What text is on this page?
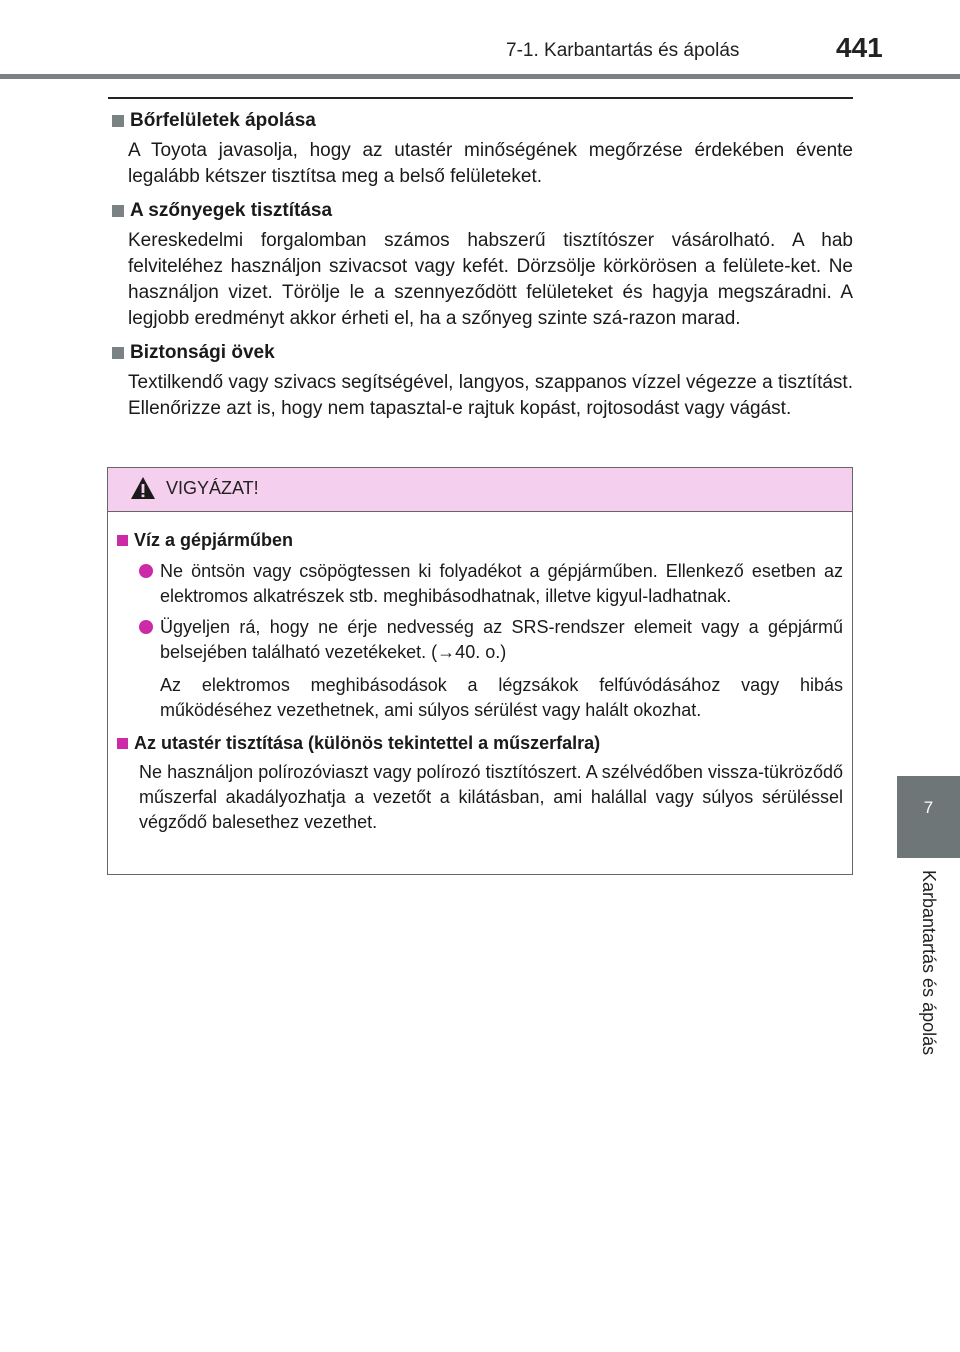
7-1. Karbantartás és ápolás	441
7
Karbantartás és ápolás
Bőrfelületek ápolása
A Toyota javasolja, hogy az utastér minőségének megőrzése érdekében évente legalább kétszer tisztítsa meg a belső felületeket.
A szőnyegek tisztítása
Kereskedelmi forgalomban számos habszerű tisztítószer vásárolható. A hab felviteléhez használjon szivacsot vagy kefét. Dörzsölje körkörösen a felülete-ket. Ne használjon vizet. Törölje le a szennyeződött felületeket és hagyja megszáradni. A legjobb eredményt akkor érheti el, ha a szőnyeg szinte szá-razon marad.
Biztonsági övek
Textilkendő vagy szivacs segítségével, langyos, szappanos vízzel végezze a tisztítást. Ellenőrizze azt is, hogy nem tapasztal-e rajtuk kopást, rojtosodást vagy vágást.
VIGYÁZAT!
Víz a gépjárműben
Ne öntsön vagy csöpögtessen ki folyadékot a gépjárműben. Ellenkező esetben az elektromos alkatrészek stb. meghibásodhatnak, illetve kigyul-ladhatnak.
Ügyeljen rá, hogy ne érje nedvesség az SRS-rendszer elemeit vagy a gépjármű belsejében található vezetékeket. (→40. o.)
Az elektromos meghibásodások a légzsákok felfúvódásához vagy hibás működéséhez vezethetnek, ami súlyos sérülést vagy halált okozhat.
Az utastér tisztítása (különös tekintettel a műszerfalra)
Ne használjon polírozóviaszt vagy polírozó tisztítószert. A szélvédőben vissza-tükröződő műszerfal akadályozhatja a vezetőt a kilátásban, ami halállal vagy súlyos sérüléssel végződő balesethez vezethet.
